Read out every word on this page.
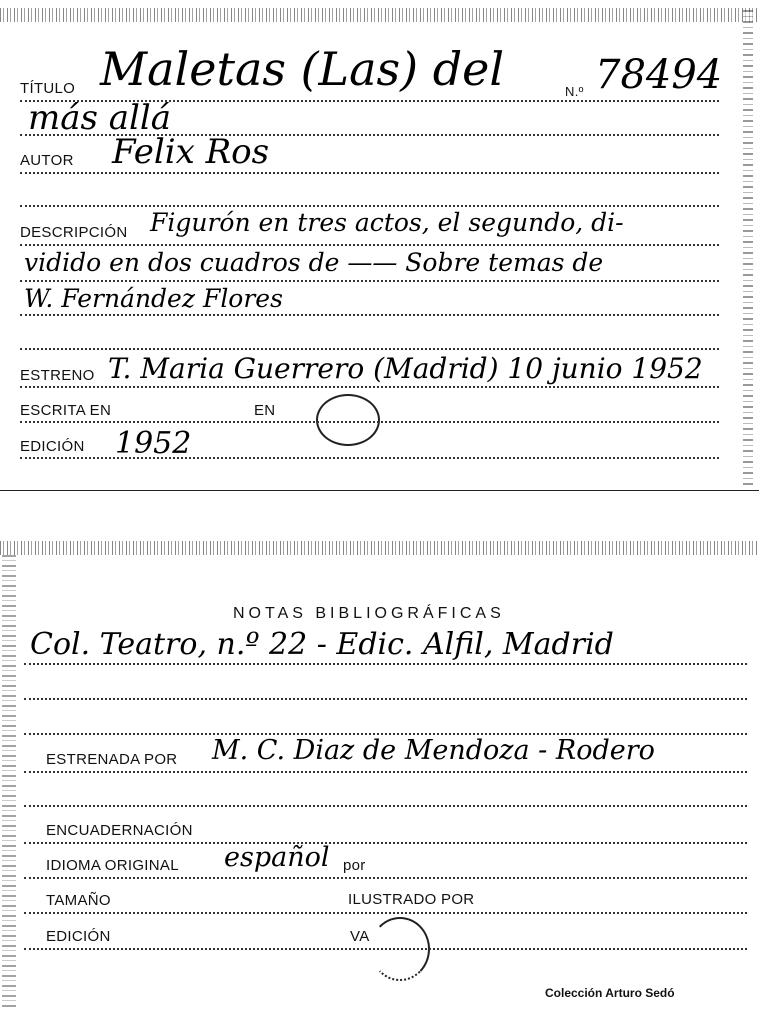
TÍTULO Maletas (Las) del	N.º 78494
más allá
AUTOR Felix Ros
DESCRIPCIÓN Figurón en tres actos, el segundo, di-
vidido en dos cuadros de —— Sobre temas de
W. Fernández Flores
ESTRENO T. Maria Guerrero (Madrid) 10 junio 1952
ESCRITA EN	EN
EDICIÓN 1952
NOTAS BIBLIOGRÁFICAS
Col. Teatro, n.º 22 - Edic. Alfil, Madrid
ESTRENADA POR M. C. Diaz de Mendoza - Rodero
ENCUADERNACIÓN
IDIOMA ORIGINAL español por
TAMAÑO	ILUSTRADO POR
EDICIÓN	VA
Colección Arturo Sedó
